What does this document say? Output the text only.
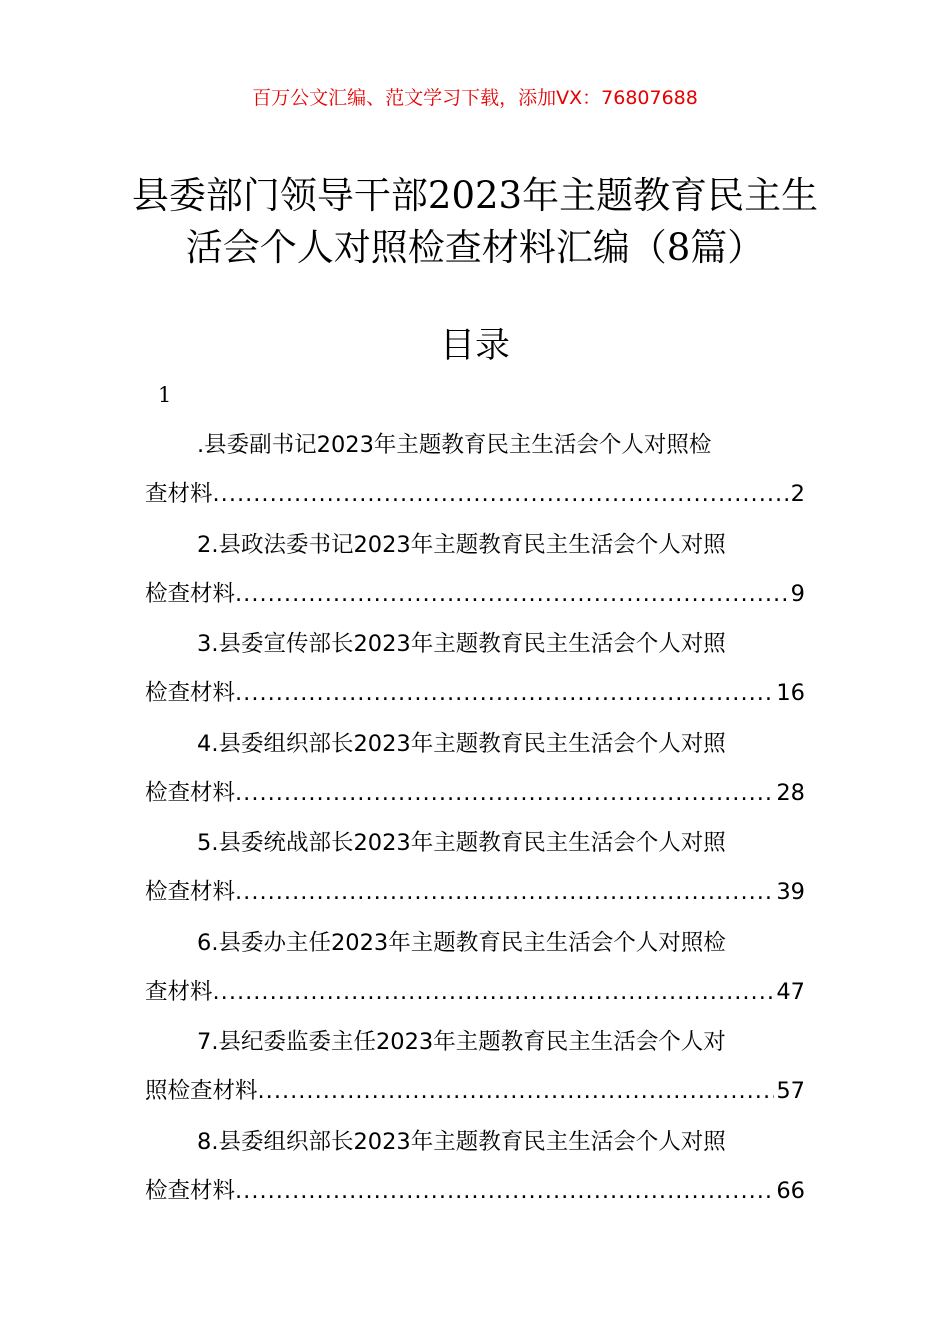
百万公文汇编、范文学习下载，添加VX：76807688
县委部门领导干部2023年主题教育民主生
活会个人对照检查材料汇编（8篇）
目录
1
.县委副书记2023年主题教育民主生活会个人对照检
查材料 .....	2
2.县政法委书记2023年主题教育民主生活会个人对照
检查材料 .....	9
3.县委宣传部长2023年主题教育民主生活会个人对照
检查材料 .....	16
4.县委组织部长2023年主题教育民主生活会个人对照
检查材料 .....	28
5.县委统战部长2023年主题教育民主生活会个人对照
检查材料 .....	39
6.县委办主任2023年主题教育民主生活会个人对照检
查材料 .....	47
7.县纪委监委主任2023年主题教育民主生活会个人对
照检查材料 .....	57
8.县委组织部长2023年主题教育民主生活会个人对照
检查材料 .....	66
